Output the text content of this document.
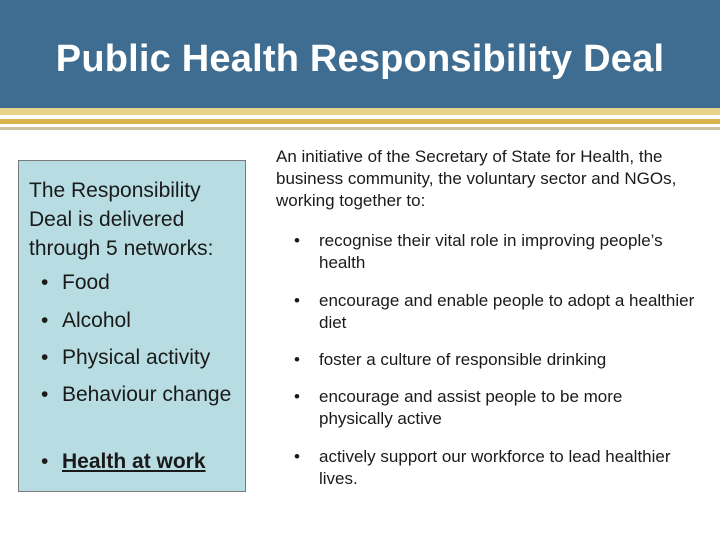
Public Health Responsibility Deal
The Responsibility Deal is delivered through 5 networks:
• Food
• Alcohol
• Physical activity
• Behaviour change
• Health at work
An initiative of the Secretary of State for Health, the business community, the voluntary sector and NGOs, working together to:
• recognise their vital role in improving people’s health
• encourage and enable people to adopt a healthier diet
• foster a culture of responsible drinking
• encourage and assist people to be more physically active
• actively support our workforce to lead healthier lives.
